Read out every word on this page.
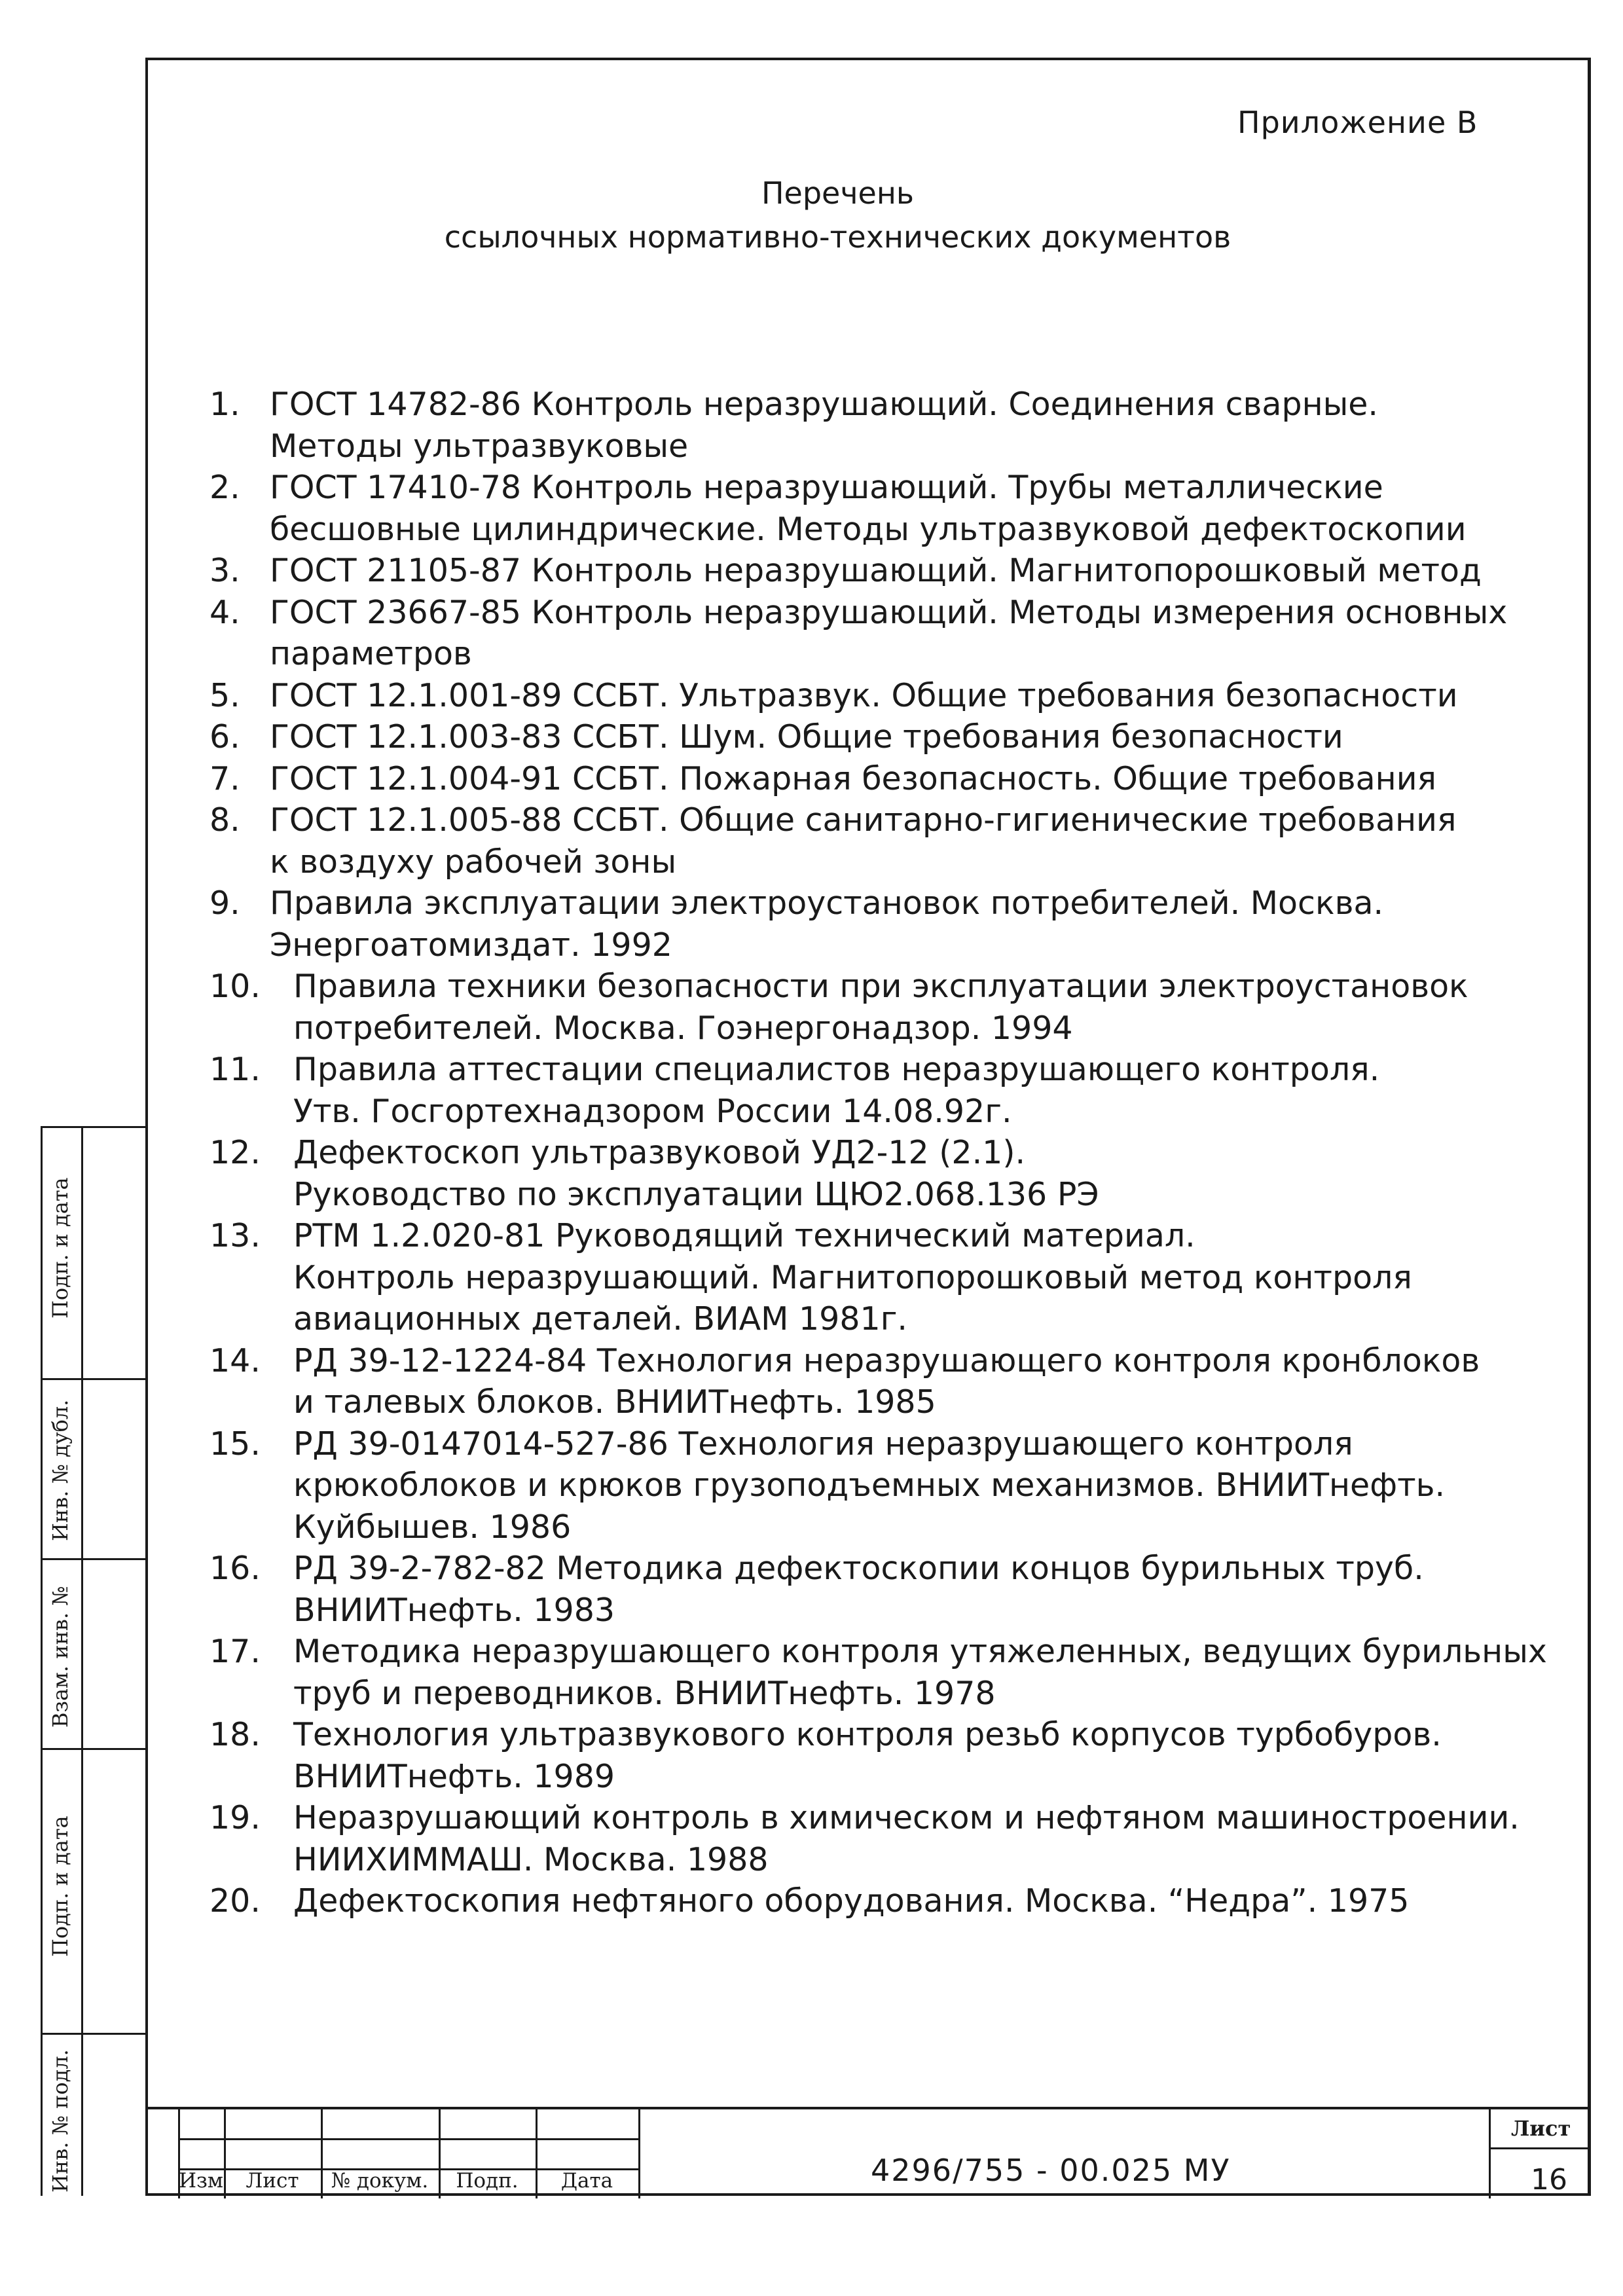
Приложение В
Перечень
ссылочных нормативно-технических документов
1. ГОСТ 14782-86 Контроль неразрушающий. Соединения сварные.
Методы ультразвуковые
2. ГОСТ 17410-78 Контроль неразрушающий. Трубы металлические
бесшовные цилиндрические. Методы ультразвуковой дефектоскопии
3. ГОСТ 21105-87 Контроль неразрушающий. Магнитопорошковый метод
4. ГОСТ 23667-85 Контроль неразрушающий. Методы измерения основных
параметров
5. ГОСТ 12.1.001-89 ССБТ. Ультразвук. Общие требования безопасности
6. ГОСТ 12.1.003-83 ССБТ. Шум. Общие требования безопасности
7. ГОСТ 12.1.004-91 ССБТ. Пожарная безопасность. Общие требования
8. ГОСТ 12.1.005-88 ССБТ. Общие санитарно-гигиенические требования
к воздуху рабочей зоны
9. Правила эксплуатации электроустановок потребителей. Москва.
Энергоатомиздат. 1992
10.	Правила техники безопасности при эксплуатации электроустановок
потребителей. Москва. Гоэнергонадзор. 1994
11.	Правила аттестации специалистов неразрушающего контроля.
Утв. Госгортехнадзором России 14.08.92г.
12.	Дефектоскоп ультразвуковой УД2-12 (2.1).
Руководство по эксплуатации ЩЮ2.068.136 РЭ
13.	РТМ 1.2.020-81 Руководящий технический материал.
Контроль неразрушающий. Магнитопорошковый метод контроля
авиационных деталей. ВИАМ 1981г.
14.	РД 39-12-1224-84 Технология неразрушающего контроля кронблоков
и талевых блоков. ВНИИТнефть. 1985
15.	РД 39-0147014-527-86 Технология неразрушающего контроля
крюкоблоков и крюков грузоподъемных механизмов. ВНИИТнефть.
Куйбышев. 1986
16.	РД 39-2-782-82 Методика дефектоскопии концов бурильных труб.
ВНИИТнефть. 1983
17.	Методика неразрушающего контроля утяжеленных, ведущих бурильных
труб и переводников. ВНИИТнефть. 1978
18.	Технология ультразвукового контроля резьб корпусов турбобуров.
ВНИИТнефть. 1989
19.	Неразрушающий контроль в химическом и нефтяном машиностроении.
НИИХИММАШ. Москва. 1988
20.	Дефектоскопия нефтяного оборудования. Москва. “Недра”. 1975
Подп. и дата
Инв. № дубл.
Взам. инв. №
Подп. и дата
Инв. № подл.	Изм	Лист	№ докум.	Подп.	Дата	4296/755 - 00.025 МУ
Лист
16
